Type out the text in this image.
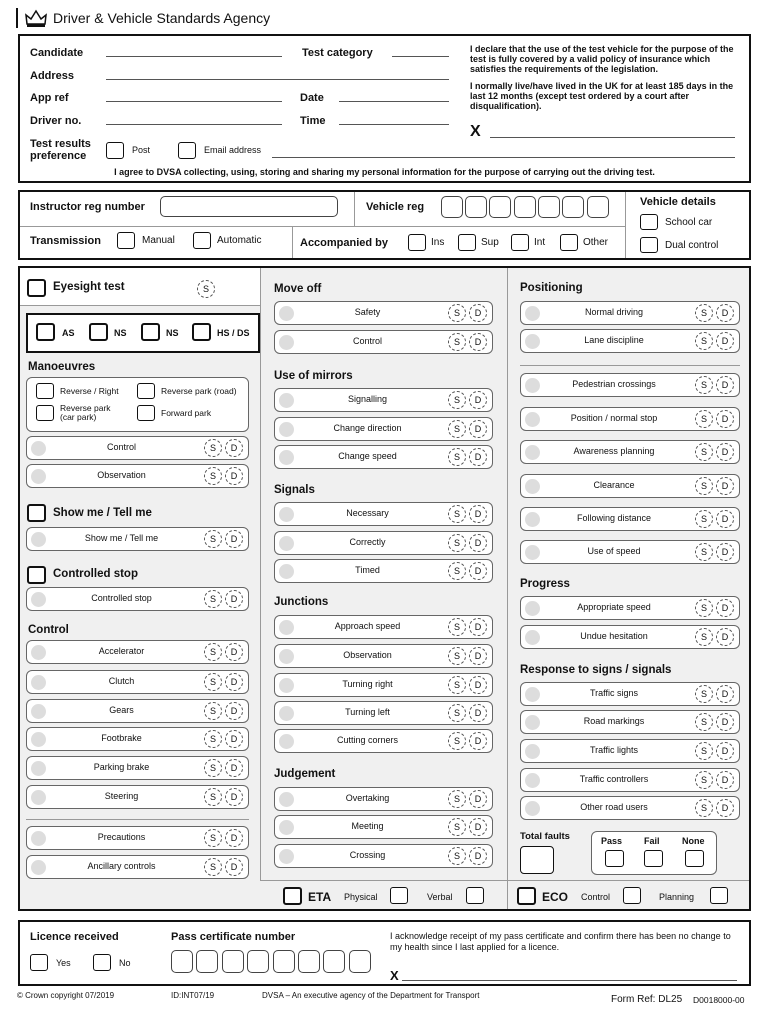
Driver & Vehicle Standards Agency
Candidate
Address
App ref
Driver no.
Test category
Date
Time
Test results preference	Post	Email address
I declare that the use of the test vehicle for the purpose of the test is fully covered by a valid policy of insurance which satisfies the requirements of the legislation.
I normally live/have lived in the UK for at least 185 days in the last 12 months (except test ordered by a court after disqualification).
X
I agree to DVSA collecting, using, storing and sharing my personal information for the purpose of carrying out the driving test.
Instructor reg number	Vehicle reg	Vehicle details
School car
Dual control
Transmission	Manual	Automatic	Accompanied by	Ins	Sup	Int	Other
Eyesight test	S
AS	NS	NS	HS / DS
Manoeuvres
Reverse / Right	Reverse park (road)
Reverse park (car park)	Forward park
Control	S	D
Observation	S	D
Show me / Tell me
Show me / Tell me	S	D
Controlled stop
Controlled stop	S	D
Control
Accelerator	S	D
Clutch	S	D
Gears	S	D
Footbrake	S	D
Parking brake	S	D
Steering	S	D
Precautions	S	D
Ancillary controls	S	D
Move off
Safety	S	D
Control	S	D
Use of mirrors
Signalling	S	D
Change direction	S	D
Change speed	S	D
Signals
Necessary	S	D
Correctly	S	D
Timed	S	D
Junctions
Approach speed	S	D
Observation	S	D
Turning right	S	D
Turning left	S	D
Cutting corners	S	D
Judgement
Overtaking	S	D
Meeting	S	D
Crossing	S	D
Positioning
Normal driving	S	D
Lane discipline	S	D
Pedestrian crossings	S	D
Position / normal stop	S	D
Awareness planning	S	D
Clearance	S	D
Following distance	S	D
Use of speed	S	D
Progress
Appropriate speed	S	D
Undue hesitation	S	D
Response to signs / signals
Traffic signs	S	D
Road markings	S	D
Traffic lights	S	D
Traffic controllers	S	D
Other road users	S	D
Total faults	Pass Fail None
ETA Physical	Verbal	ECO Control	Planning
Licence received
Yes	No
Pass certificate number	I acknowledge receipt of my pass certificate and confirm there has been no change to my health since I last applied for a licence.
X
© Crown copyright 07/2019	ID:INT07/19	DVSA – An executive agency of the Department for Transport	Form Ref: DL25 D0018000-00
